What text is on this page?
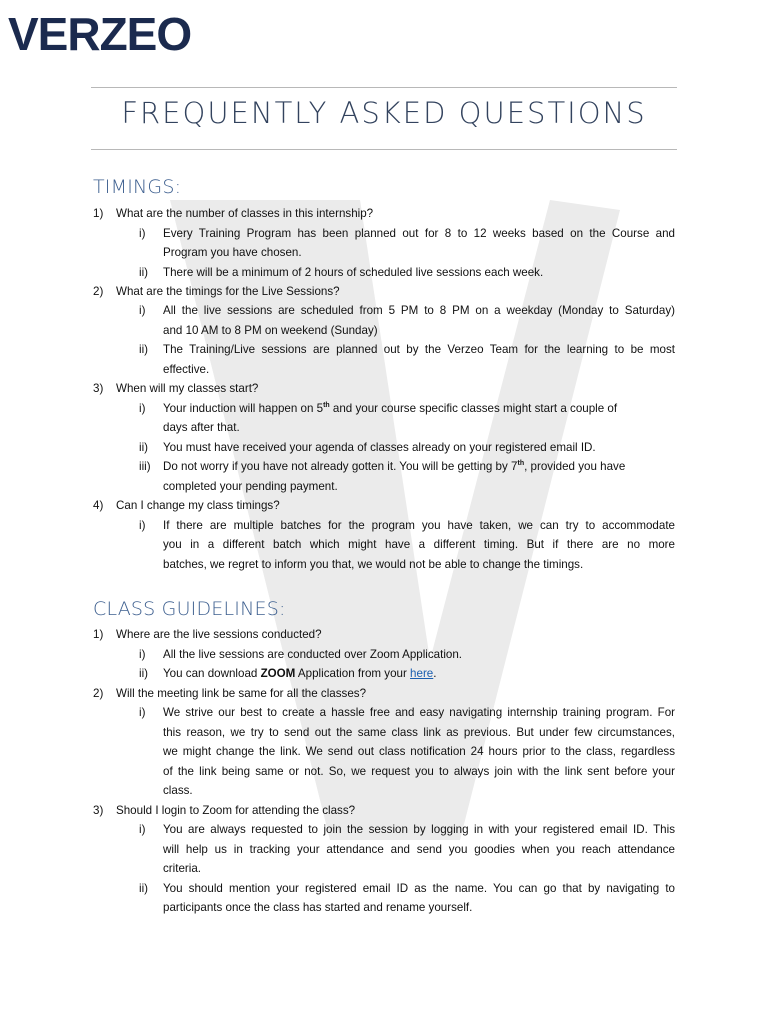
VERZEO
FREQUENTLY ASKED QUESTIONS
TIMINGS:
1) What are the number of classes in this internship?
i) Every Training Program has been planned out for 8 to 12 weeks based on the Course and
Program you have chosen.
ii) There will be a minimum of 2 hours of scheduled live sessions each week.
2) What are the timings for the Live Sessions?
i) All the live sessions are scheduled from 5 PM to 8 PM on a weekday (Monday to Saturday)
and 10 AM to 8 PM on weekend (Sunday)
ii) The Training/Live sessions are planned out by the Verzeo Team for the learning to be most
effective.
3) When will my classes start?
i) Your induction will happen on 5th and your course specific classes might start a couple of
days after that.
ii) You must have received your agenda of classes already on your registered email ID.
iii) Do not worry if you have not already gotten it. You will be getting by 7th, provided you have
completed your pending payment.
4) Can I change my class timings?
i) If there are multiple batches for the program you have taken, we can try to accommodate
you in a different batch which might have a different timing. But if there are no more
batches, we regret to inform you that, we would not be able to change the timings.
CLASS GUIDELINES:
1) Where are the live sessions conducted?
i) All the live sessions are conducted over Zoom Application.
ii) You can download ZOOM Application from your here.
2) Will the meeting link be same for all the classes?
i) We strive our best to create a hassle free and easy navigating internship training program. For
this reason, we try to send out the same class link as previous. But under few circumstances,
we might change the link. We send out class notification 24 hours prior to the class, regardless
of the link being same or not. So, we request you to always join with the link sent before your
class.
3) Should I login to Zoom for attending the class?
i) You are always requested to join the session by logging in with your registered email ID. This
will help us in tracking your attendance and send you goodies when you reach attendance
criteria.
ii) You should mention your registered email ID as the name. You can go that by navigating to
participants once the class has started and rename yourself.
